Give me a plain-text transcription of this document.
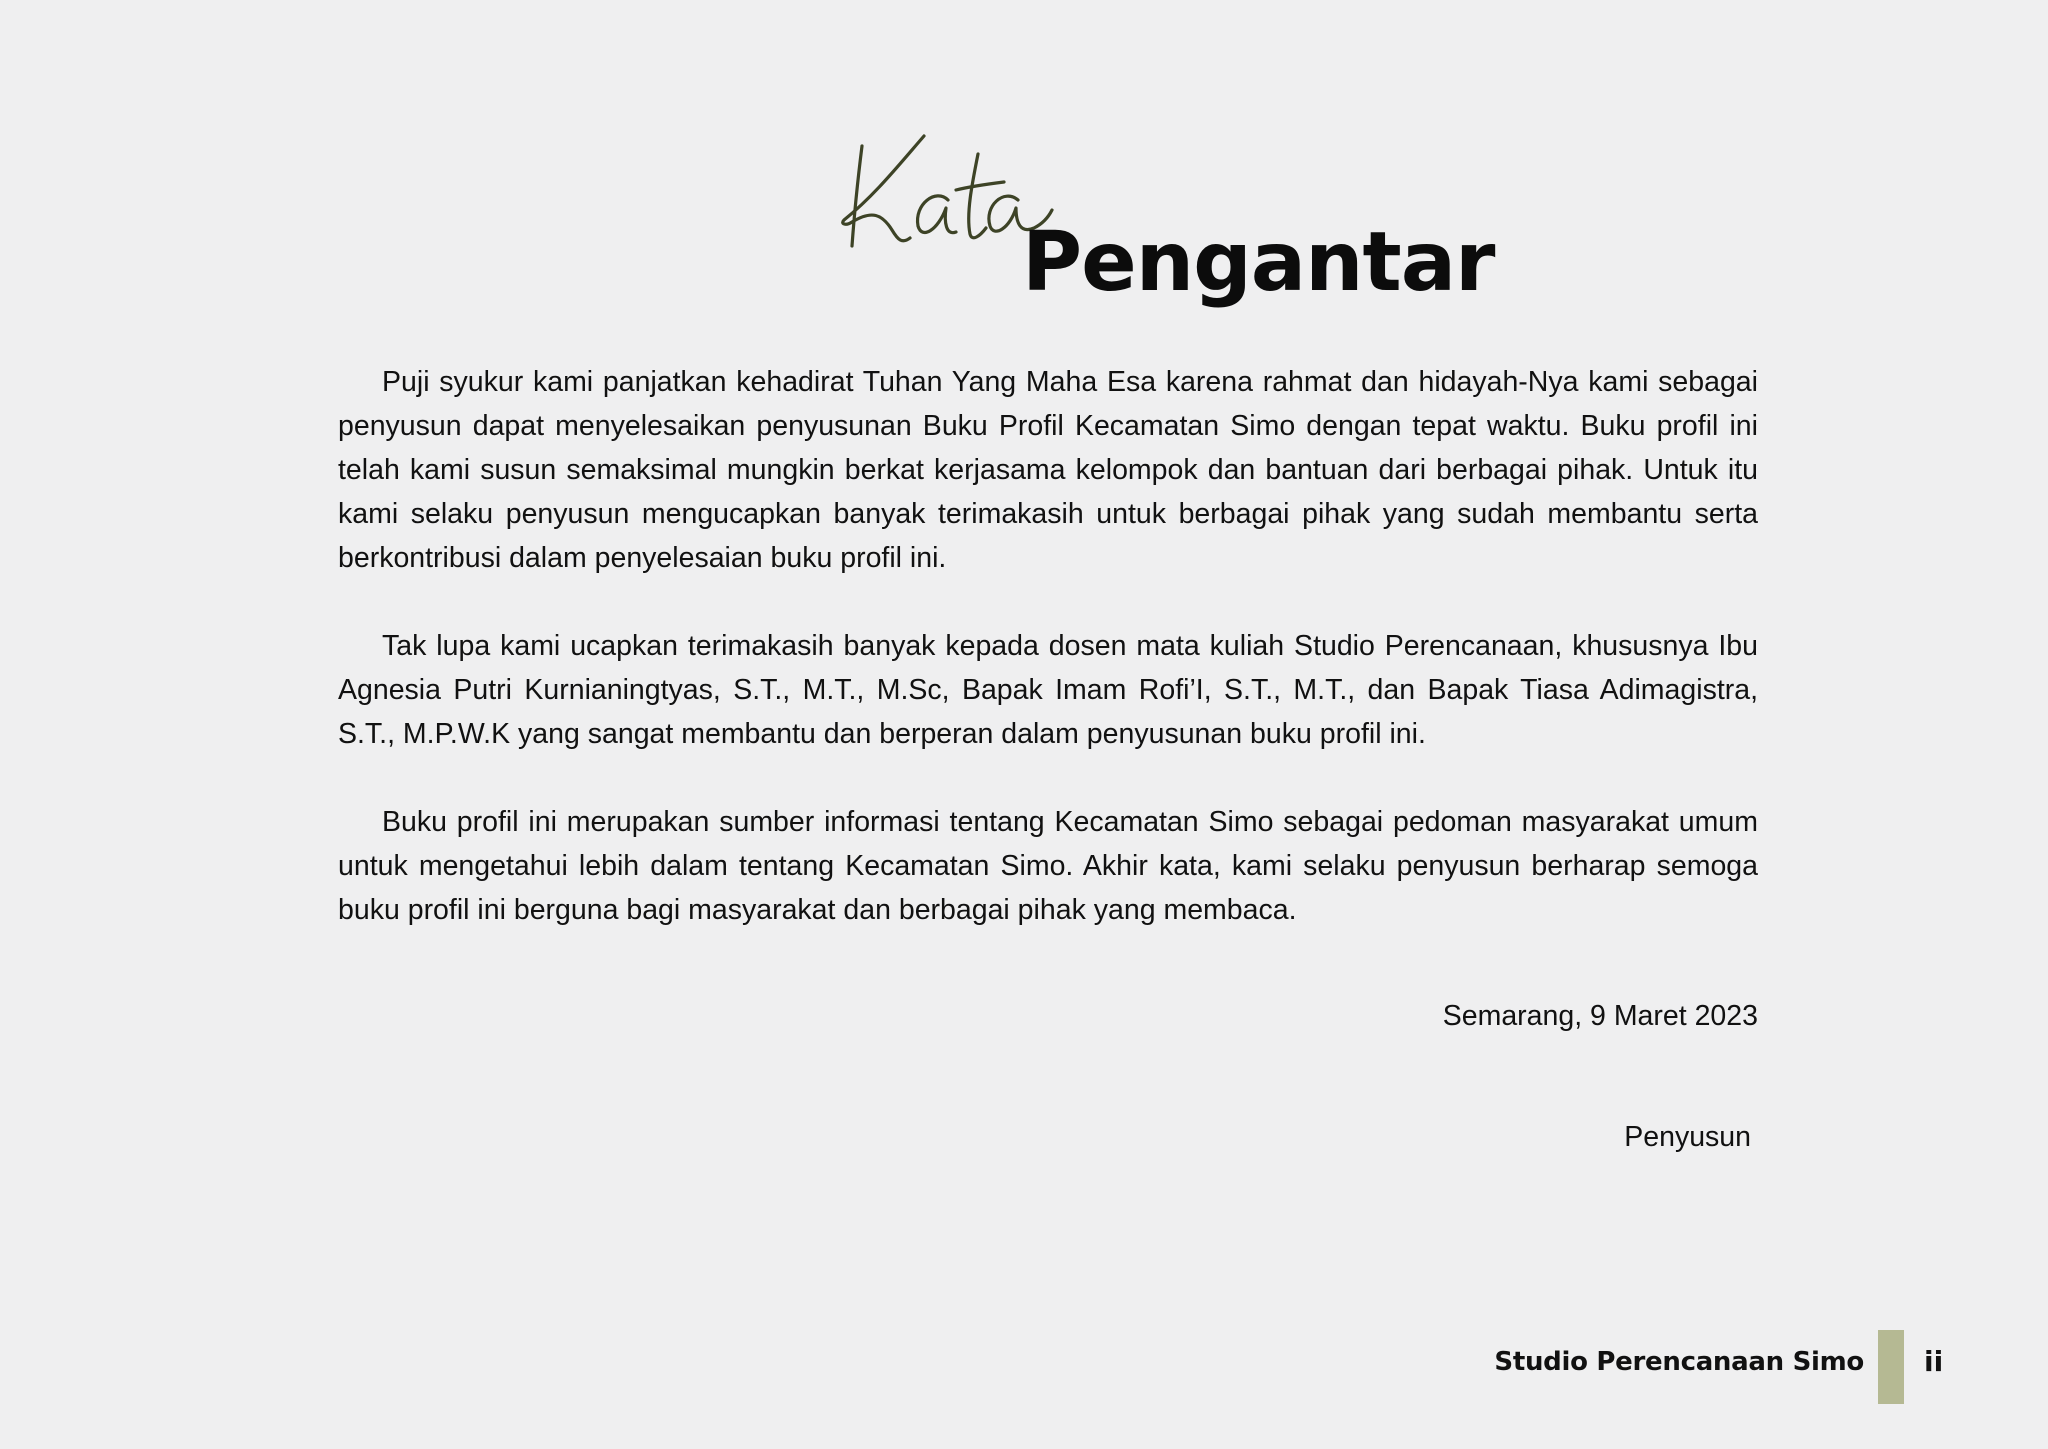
Pengantar

Puji syukur kami panjatkan kehadirat Tuhan Yang Maha Esa karena rahmat dan hidayah-Nya kami sebagai penyusun dapat menyelesaikan penyusunan Buku Profil Kecamatan Simo dengan tepat waktu. Buku profil ini telah kami susun semaksimal mungkin berkat kerjasama kelompok dan bantuan dari berbagai pihak. Untuk itu kami selaku penyusun mengucapkan banyak terimakasih untuk berbagai pihak yang sudah membantu serta berkontribusi dalam penyelesaian buku profil ini.

Tak lupa kami ucapkan terimakasih banyak kepada dosen mata kuliah Studio Perencanaan, khususnya Ibu Agnesia Putri Kurnianingtyas, S.T., M.T., M.Sc, Bapak Imam Rofi’I, S.T., M.T., dan Bapak Tiasa Adimagistra, S.T., M.P.W.K yang sangat membantu dan berperan dalam penyusunan buku profil ini.

Buku profil ini merupakan sumber informasi tentang Kecamatan Simo sebagai pedoman masyarakat umum untuk mengetahui lebih dalam tentang Kecamatan Simo. Akhir kata, kami selaku penyusun berharap semoga buku profil ini berguna bagi masyarakat dan berbagai pihak yang membaca.

Semarang, 9 Maret 2023
Penyusun
Studio Perencanaan Simo ii
